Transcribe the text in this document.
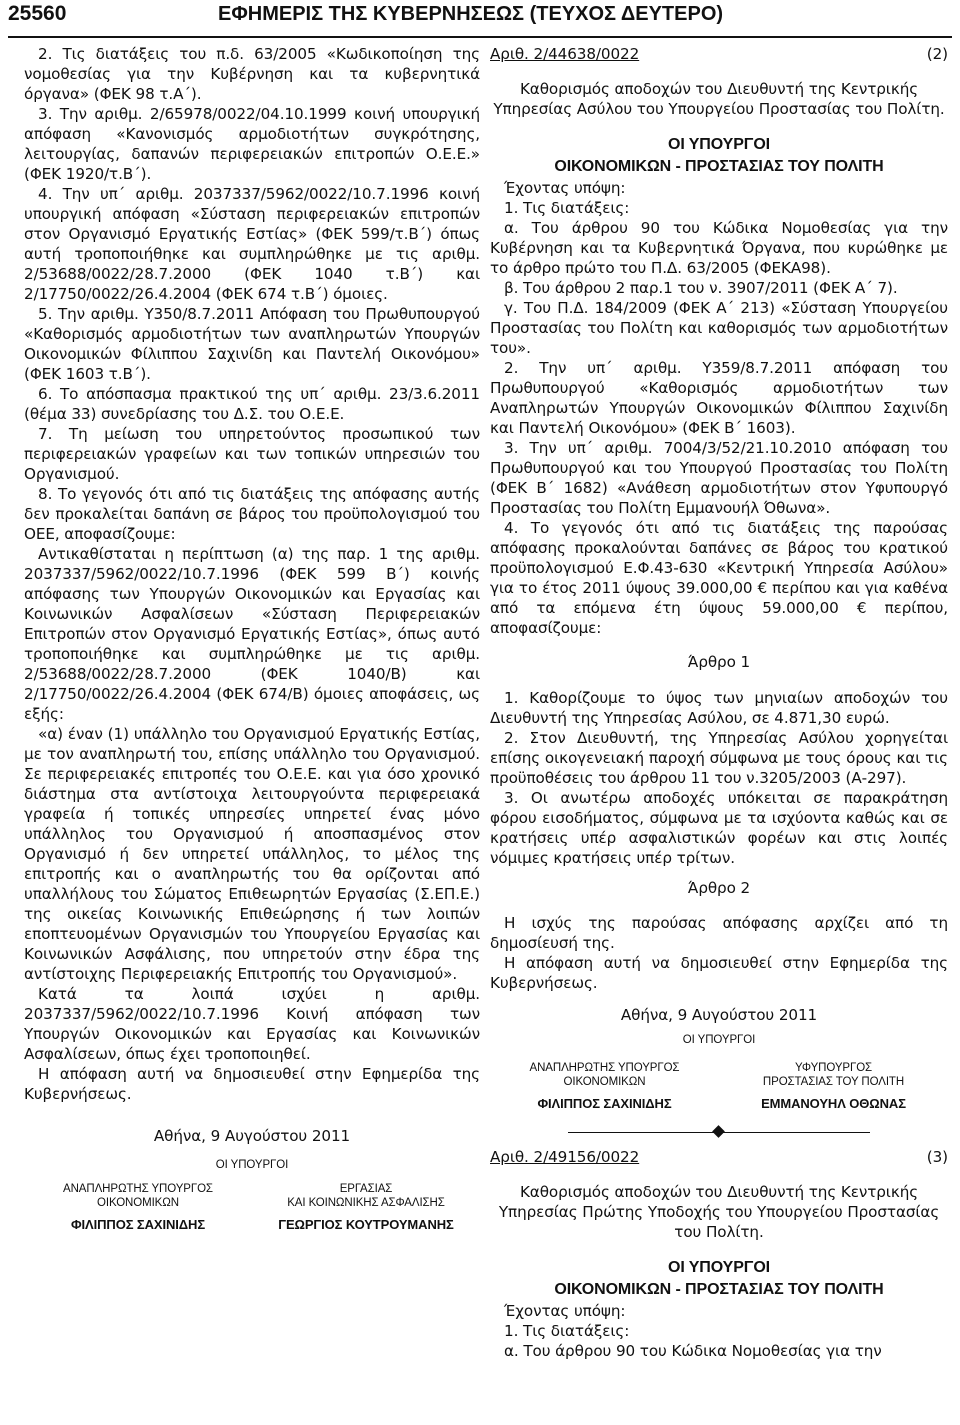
25560	ΕΦΗΜΕΡΙΣ ΤΗΣ ΚΥΒΕΡΝΗΣΕΩΣ (ΤΕΥΧΟΣ ΔΕΥΤΕΡΟ)

2. Τις διατάξεις του π.δ. 63/2005 «Κωδικοποίηση της νομοθεσίας για την Κυβέρνηση και τα κυβερνητικά όργανα» (ΦΕΚ 98 τ.Α΄).

3. Την αριθμ. 2/65978/0022/04.10.1999 κοινή υπουργική απόφαση «Κανονισμός αρμοδιοτήτων συγκρότησης, λειτουργίας, δαπανών περιφερειακών επιτροπών Ο.Ε.Ε.» (ΦΕΚ 1920/τ.Β΄).

4. Την υπ΄ αριθμ. 2037337/5962/0022/10.7.1996 κοινή υπουργική απόφαση «Σύσταση περιφερειακών επιτροπών στον Οργανισμό Εργατικής Εστίας» (ΦΕΚ 599/τ.Β΄) όπως αυτή τροποποιήθηκε και συμπληρώθηκε με τις αριθμ. 2/53688/0022/28.7.2000 (ΦΕΚ 1040 τ.Β΄) και 2/17750/0022/26.4.2004 (ΦΕΚ 674 τ.Β΄) όμοιες.

5. Την αριθμ. Υ350/8.7.2011 Απόφαση του Πρωθυπουργού «Καθορισμός αρμοδιοτήτων των αναπληρωτών Υπουργών Οικονομικών Φίλιππου Σαχινίδη και Παντελή Οικονόμου» (ΦΕΚ 1603 τ.Β΄).

6. Το απόσπασμα πρακτικού της υπ΄ αριθμ. 23/3.6.2011 (θέμα 33) συνεδρίασης του Δ.Σ. του Ο.Ε.Ε.

7. Τη μείωση του υπηρετούντος προσωπικού των περιφερειακών γραφείων και των τοπικών υπηρεσιών του Οργανισμού.

8. Το γεγονός ότι από τις διατάξεις της απόφασης αυτής δεν προκαλείται δαπάνη σε βάρος του προϋπολογισμού του ΟΕΕ, αποφασίζουμε:

Αντικαθίσταται η περίπτωση (α) της παρ. 1 της αριθμ. 2037337/5962/0022/10.7.1996 (ΦΕΚ 599 Β΄) κοινής απόφασης των Υπουργών Οικονομικών και Εργασίας και Κοινωνικών Ασφαλίσεων «Σύσταση Περιφερειακών Επιτροπών στον Οργανισμό Εργατικής Εστίας», όπως αυτό τροποποιήθηκε και συμπληρώθηκε με τις αριθμ. 2/53688/0022/28.7.2000 (ΦΕΚ 1040/Β) και 2/17750/0022/26.4.2004 (ΦΕΚ 674/Β) όμοιες αποφάσεις, ως εξής:

«α) έναν (1) υπάλληλο του Οργανισμού Εργατικής Εστίας, με τον αναπληρωτή του, επίσης υπάλληλο του Οργανισμού. Σε περιφερειακές επιτροπές του Ο.Ε.Ε. και για όσο χρονικό διάστημα στα αντίστοιχα λειτουργούντα περιφερειακά γραφεία ή τοπικές υπηρεσίες υπηρετεί ένας μόνο υπάλληλος του Οργανισμού ή αποσπασμένος στον Οργανισμό ή δεν υπηρετεί υπάλληλος, το μέλος της επιτροπής και ο αναπληρωτής του θα ορίζονται από υπαλλήλους του Σώματος Επιθεωρητών Εργασίας (Σ.ΕΠ.Ε.) της οικείας Κοινωνικής Επιθεώρησης ή των λοιπών εποπτευομένων Οργανισμών του Υπουργείου Εργασίας και Κοινωνικών Ασφάλισης, που υπηρετούν στην έδρα της αντίστοιχης Περιφερειακής Επιτροπής του Οργανισμού».

Κατά τα λοιπά ισχύει η αριθμ. 2037337/5962/0022/10.7.1996 Κοινή απόφαση των Υπουργών Οικονομικών και Εργασίας και Κοινωνικών Ασφαλίσεων, όπως έχει τροποποιηθεί.

Η απόφαση αυτή να δημοσιευθεί στην Εφημερίδα της Κυβερνήσεως.

Αθήνα, 9 Αυγούστου 2011

ΟΙ ΥΠΟΥΡΓΟΙ
ΑΝΑΠΛΗΡΩΤΗΣ ΥΠΟΥΡΓΟΣ
ΟΙΚΟΝΟΜΙΚΩΝ
ΕΡΓΑΣΙΑΣ
ΚΑΙ ΚΟΙΝΩΝΙΚΗΣ ΑΣΦΑΛΙΣΗΣ
ΦΙΛΙΠΠΟΣ ΣΑΧΙΝΙΔΗΣ	ΓΕΩΡΓΙΟΣ ΚΟΥΤΡΟΥΜΑΝΗΣ
Αριθ. 2/44638/0022	(2)

Καθορισμός αποδοχών του Διευθυντή της Κεντρικής Υπηρεσίας Ασύλου του Υπουργείου Προστασίας του Πολίτη.

ΟΙ ΥΠΟΥΡΓΟΙ

ΟΙΚΟΝΟΜΙΚΩΝ - ΠΡΟΣΤΑΣΙΑΣ ΤΟΥ ΠΟΛΙΤΗ

Έχοντας υπόψη:

1. Τις διατάξεις:

α. Του άρθρου 90 του Κώδικα Νομοθεσίας για την Κυβέρνηση και τα Κυβερνητικά Όργανα, που κυρώθηκε με το άρθρο πρώτο του Π.Δ. 63/2005 (ΦΕΚΑ98).

β. Του άρθρου 2 παρ.1 του ν. 3907/2011 (ΦΕΚ Α΄ 7).

γ. Του Π.Δ. 184/2009 (ΦΕΚ Α΄ 213) «Σύσταση Υπουργείου Προστασίας του Πολίτη και καθορισμός των αρμοδιοτήτων του».

2. Την υπ΄ αριθμ. Υ359/8.7.2011 απόφαση του Πρωθυπουργού «Καθορισμός αρμοδιοτήτων των Αναπληρωτών Υπουργών Οικονομικών Φίλιππου Σαχινίδη και Παντελή Οικονόμου» (ΦΕΚ Β΄ 1603).

3. Την υπ΄ αριθμ. 7004/3/52/21.10.2010 απόφαση του Πρωθυπουργού και του Υπουργού Προστασίας του Πολίτη (ΦΕΚ Β΄ 1682) «Ανάθεση αρμοδιοτήτων στον Υφυπουργό Προστασίας του Πολίτη Εμμανουήλ Όθωνα».

4. Το γεγονός ότι από τις διατάξεις της παρούσας απόφασης προκαλούνται δαπάνες σε βάρος του κρατικού προϋπολογισμού Ε.Φ.43-630 «Κεντρική Υπηρεσία Ασύλου» για το έτος 2011 ύψους 39.000,00 € περίπου και για καθένα από τα επόμενα έτη ύψους 59.000,00 € περίπου, αποφασίζουμε:

Άρθρο 1

1. Καθορίζουμε το ύψος των μηνιαίων αποδοχών του Διευθυντή της Υπηρεσίας Ασύλου, σε 4.871,30 ευρώ.

2. Στον Διευθυντή, της Υπηρεσίας Ασύλου χορηγείται επίσης οικογενειακή παροχή σύμφωνα με τους όρους και τις προϋποθέσεις του άρθρου 11 του ν.3205/2003 (Α-297).

3. Οι ανωτέρω αποδοχές υπόκειται σε παρακράτηση φόρου εισοδήματος, σύμφωνα με τα ισχύοντα καθώς και σε κρατήσεις υπέρ ασφαλιστικών φορέων και στις λοιπές νόμιμες κρατήσεις υπέρ τρίτων.

Άρθρο 2

Η ισχύς της παρούσας απόφασης αρχίζει από τη δημοσίευσή της.

Η απόφαση αυτή να δημοσιευθεί στην Εφημερίδα της Κυβερνήσεως.

Αθήνα, 9 Αυγούστου 2011

ΟΙ ΥΠΟΥΡΓΟΙ
ΑΝΑΠΛΗΡΩΤΗΣ ΥΠΟΥΡΓΟΣ
ΟΙΚΟΝΟΜΙΚΩΝ
ΥΦΥΠΟΥΡΓΟΣ
ΠΡΟΣΤΑΣΙΑΣ ΤΟΥ ΠΟΛΙΤΗ
ΦΙΛΙΠΠΟΣ ΣΑΧΙΝΙΔΗΣ	ΕΜΜΑΝΟΥΗΛ ΟΘΩΝΑΣ
Αριθ. 2/49156/0022	(3)

Καθορισμός αποδοχών του Διευθυντή της Κεντρικής Υπηρεσίας Πρώτης Υποδοχής του Υπουργείου Προστασίας του Πολίτη.

ΟΙ ΥΠΟΥΡΓΟΙ

ΟΙΚΟΝΟΜΙΚΩΝ - ΠΡΟΣΤΑΣΙΑΣ ΤΟΥ ΠΟΛΙΤΗ

Έχοντας υπόψη:

1. Τις διατάξεις:

α. Του άρθρου 90 του Κώδικα Νομοθεσίας για την
